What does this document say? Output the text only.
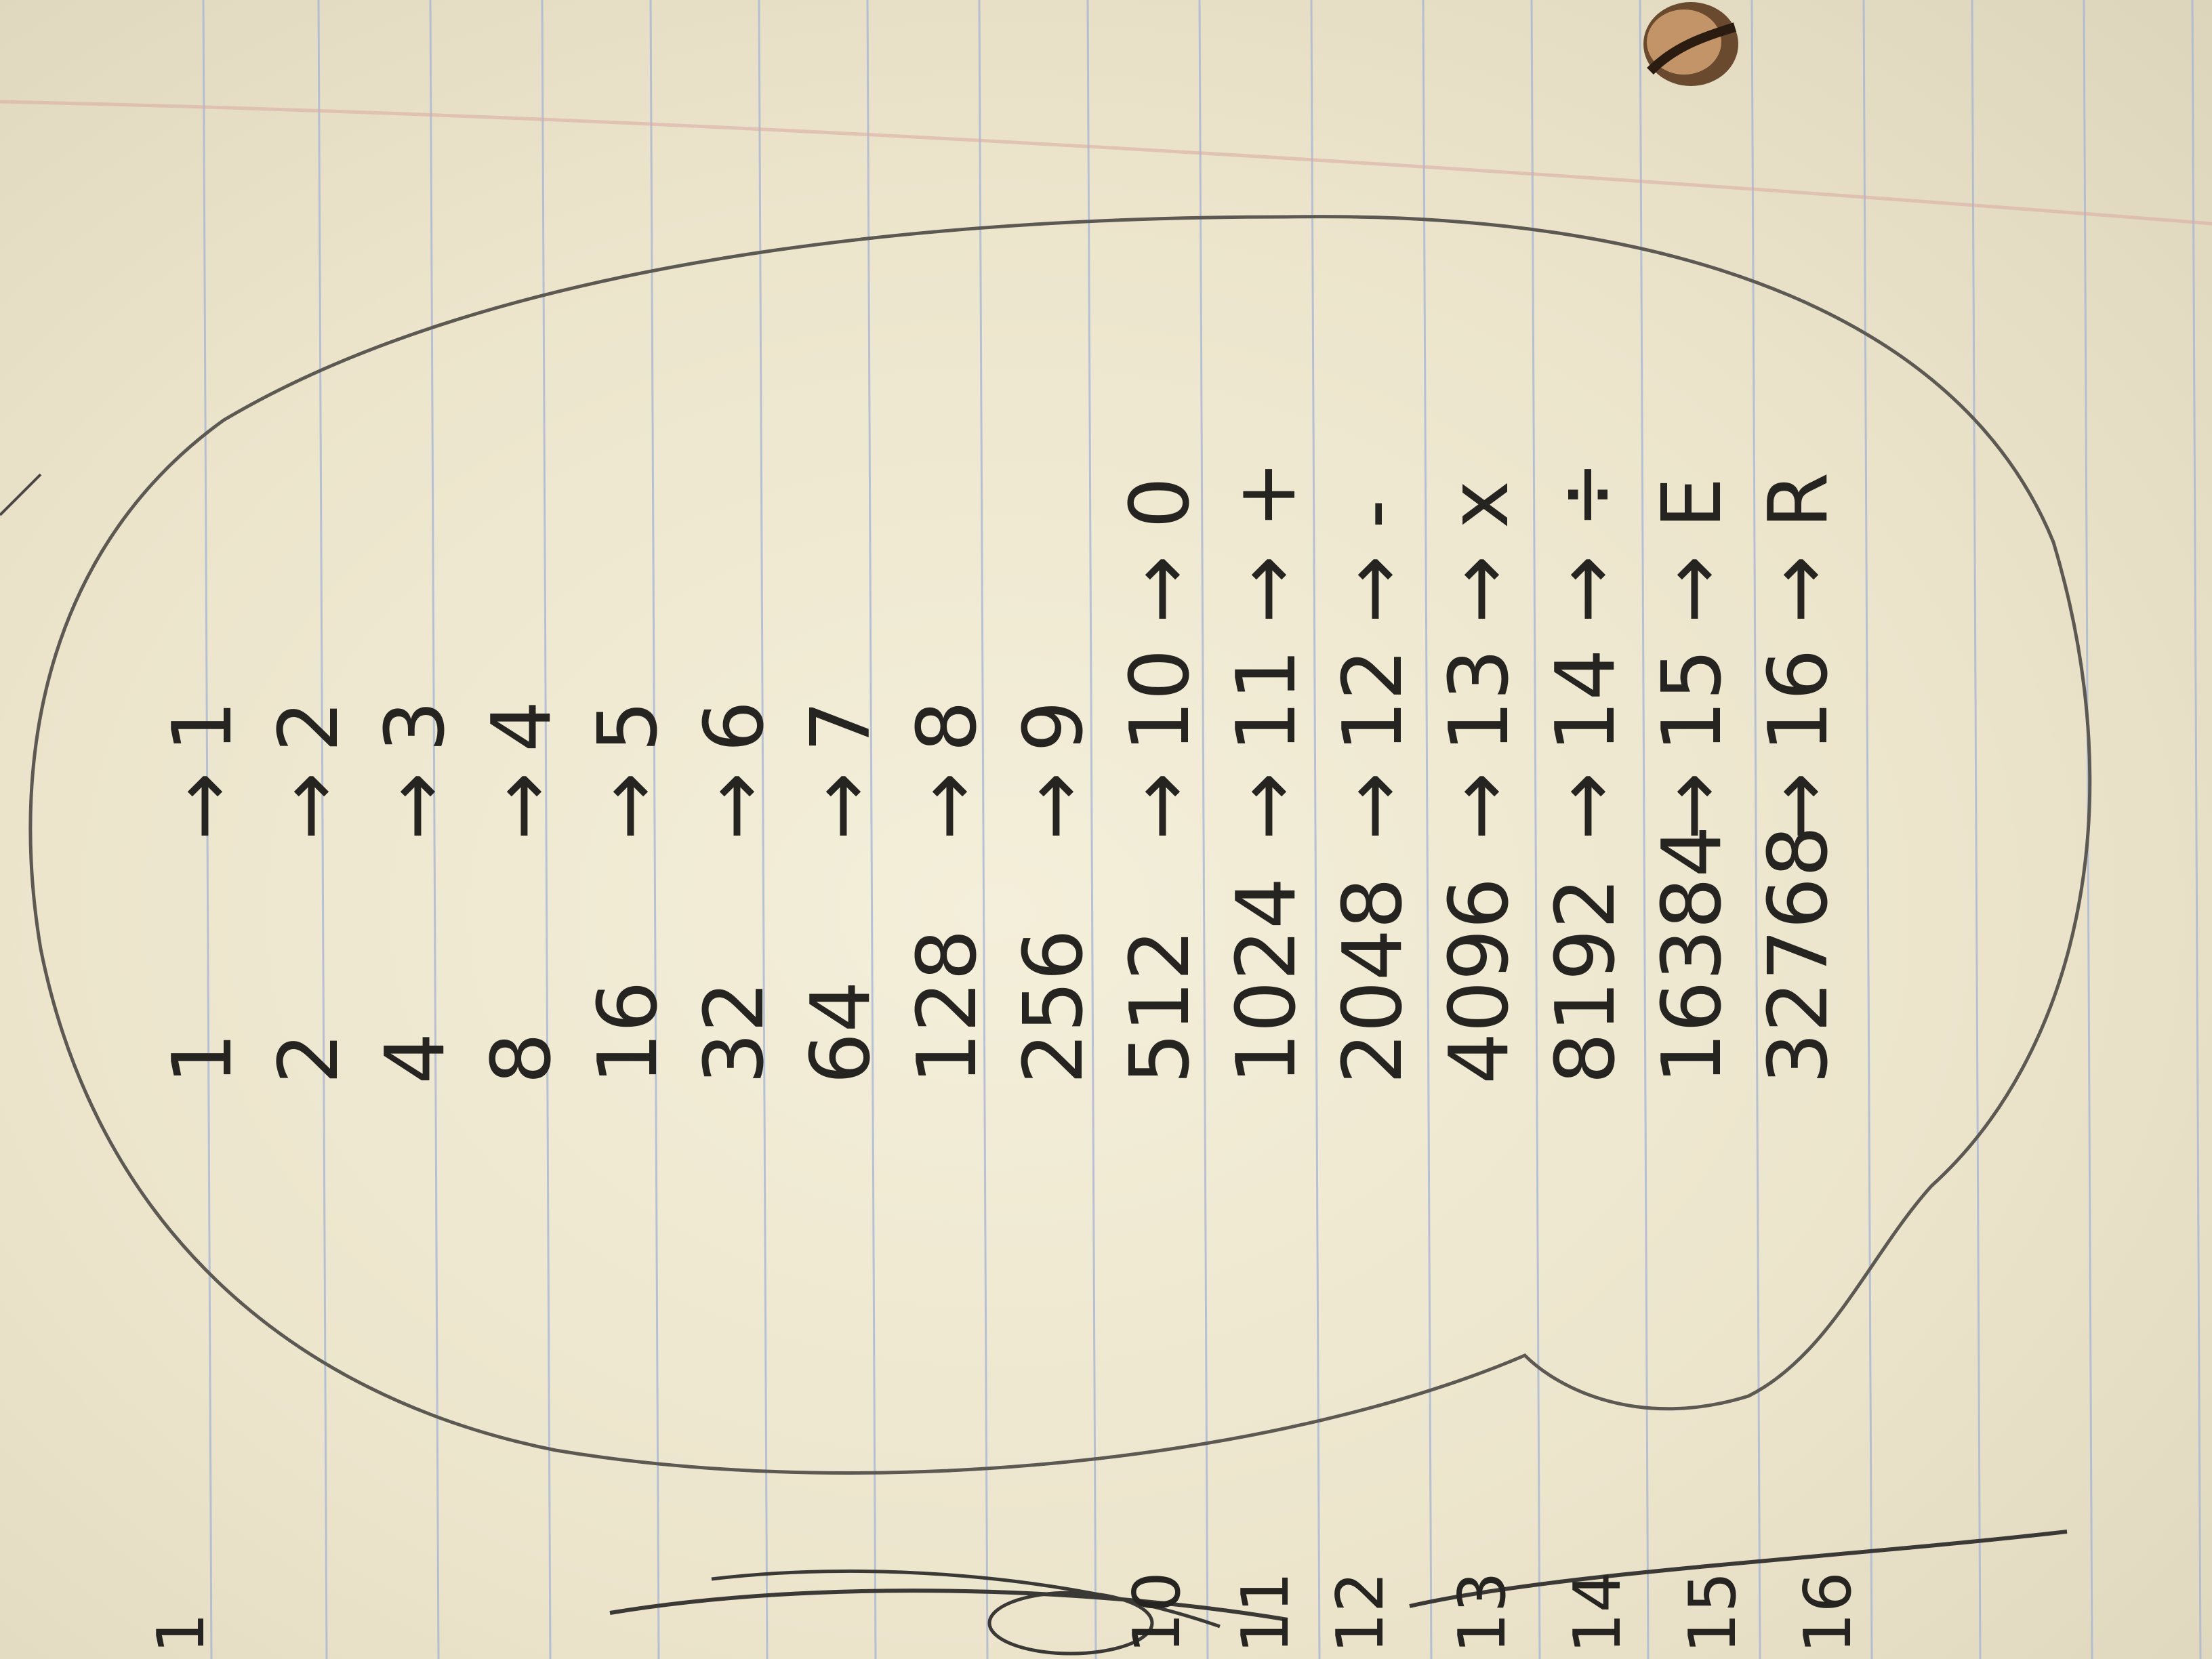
1
→
1
2
→
2
4
→
3
8
→
4
16
→
5
32
→
6
64
→
7
128
→
8
256
→
9
512
→
10
→
0
1024
→
11
→
+
2048
→
12
→
-
4096
→
13
→
x
8192
→
14
→
÷
16384
→
15
→
E
32768
→
16
→
R
1	10 11 12 13 14 15 16
